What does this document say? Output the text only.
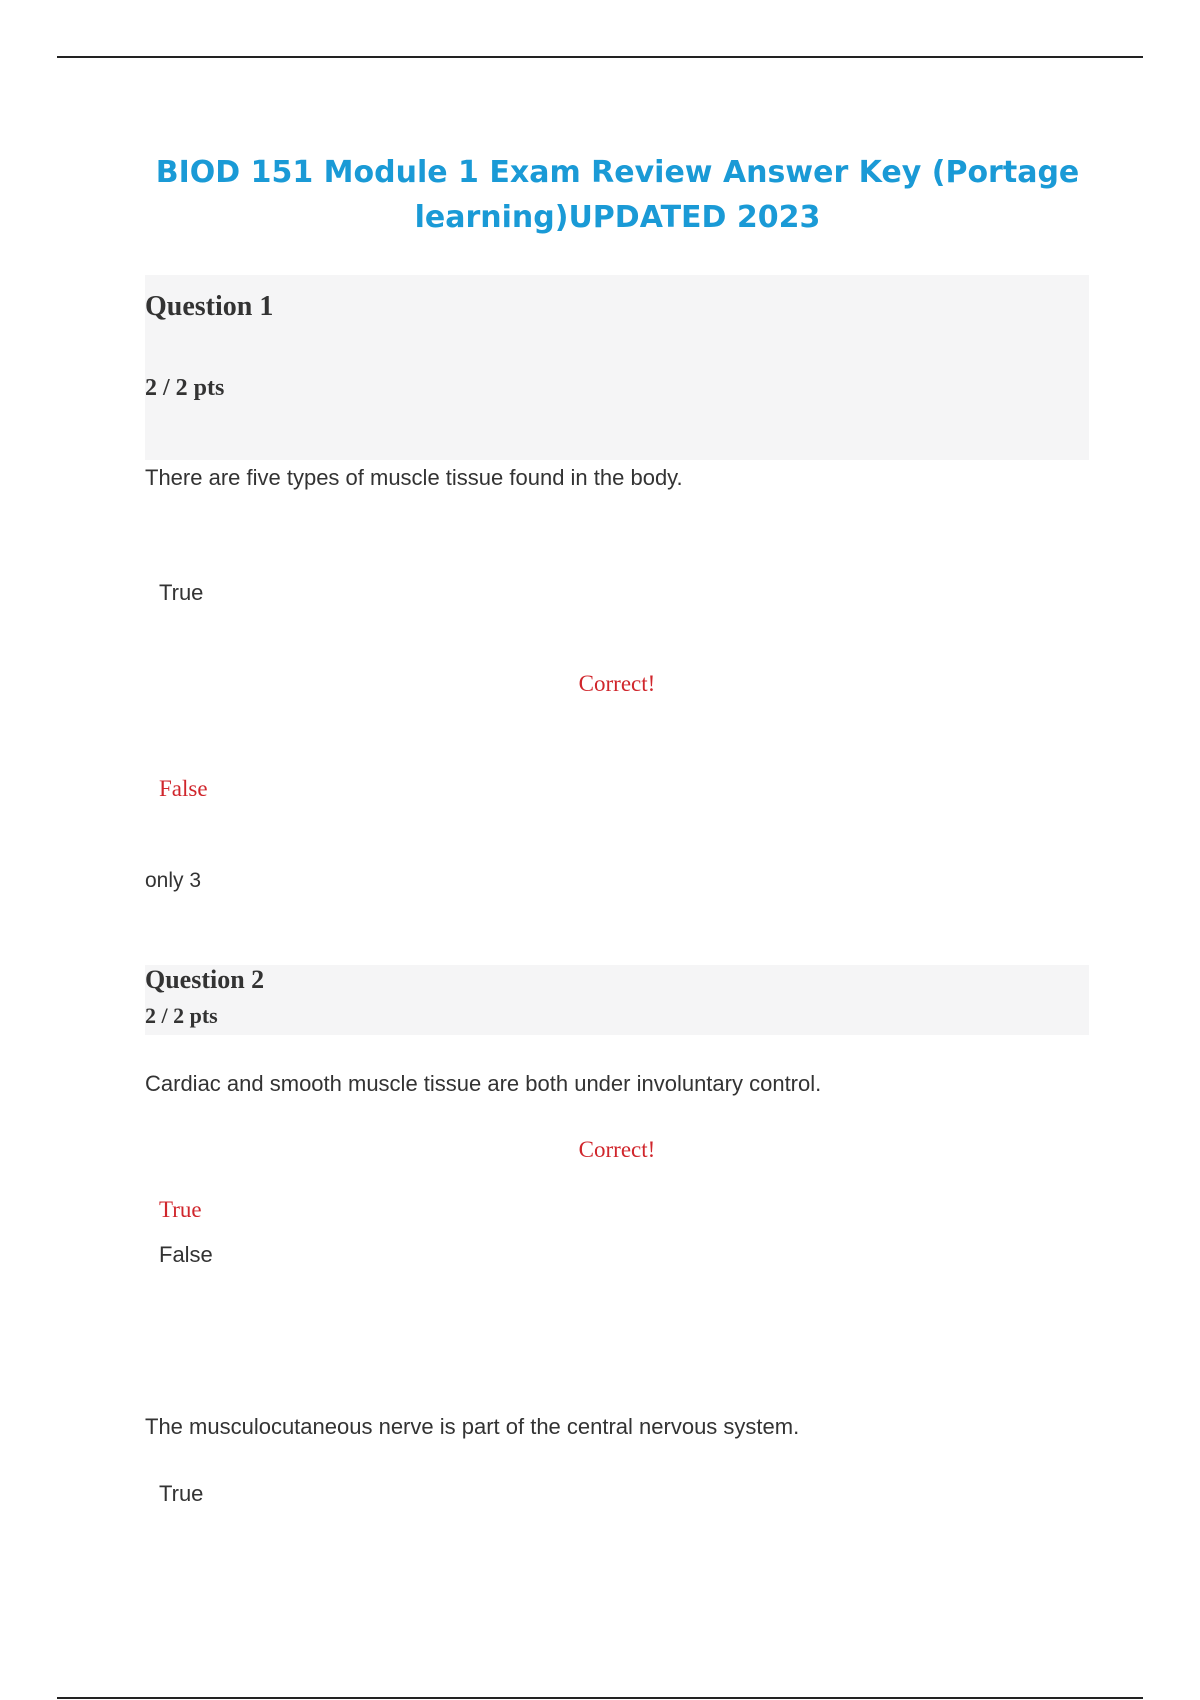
BIOD 151 Module 1 Exam Review Answer Key (Portage learning)UPDATED 2023
Question 1
2 / 2 pts
There are five types of muscle tissue found in the body.
True
Correct!
False
only 3
Question 2
2 / 2 pts
Cardiac and smooth muscle tissue are both under involuntary control.
Correct!
True
False
The musculocutaneous nerve is part of the central nervous system.
True
